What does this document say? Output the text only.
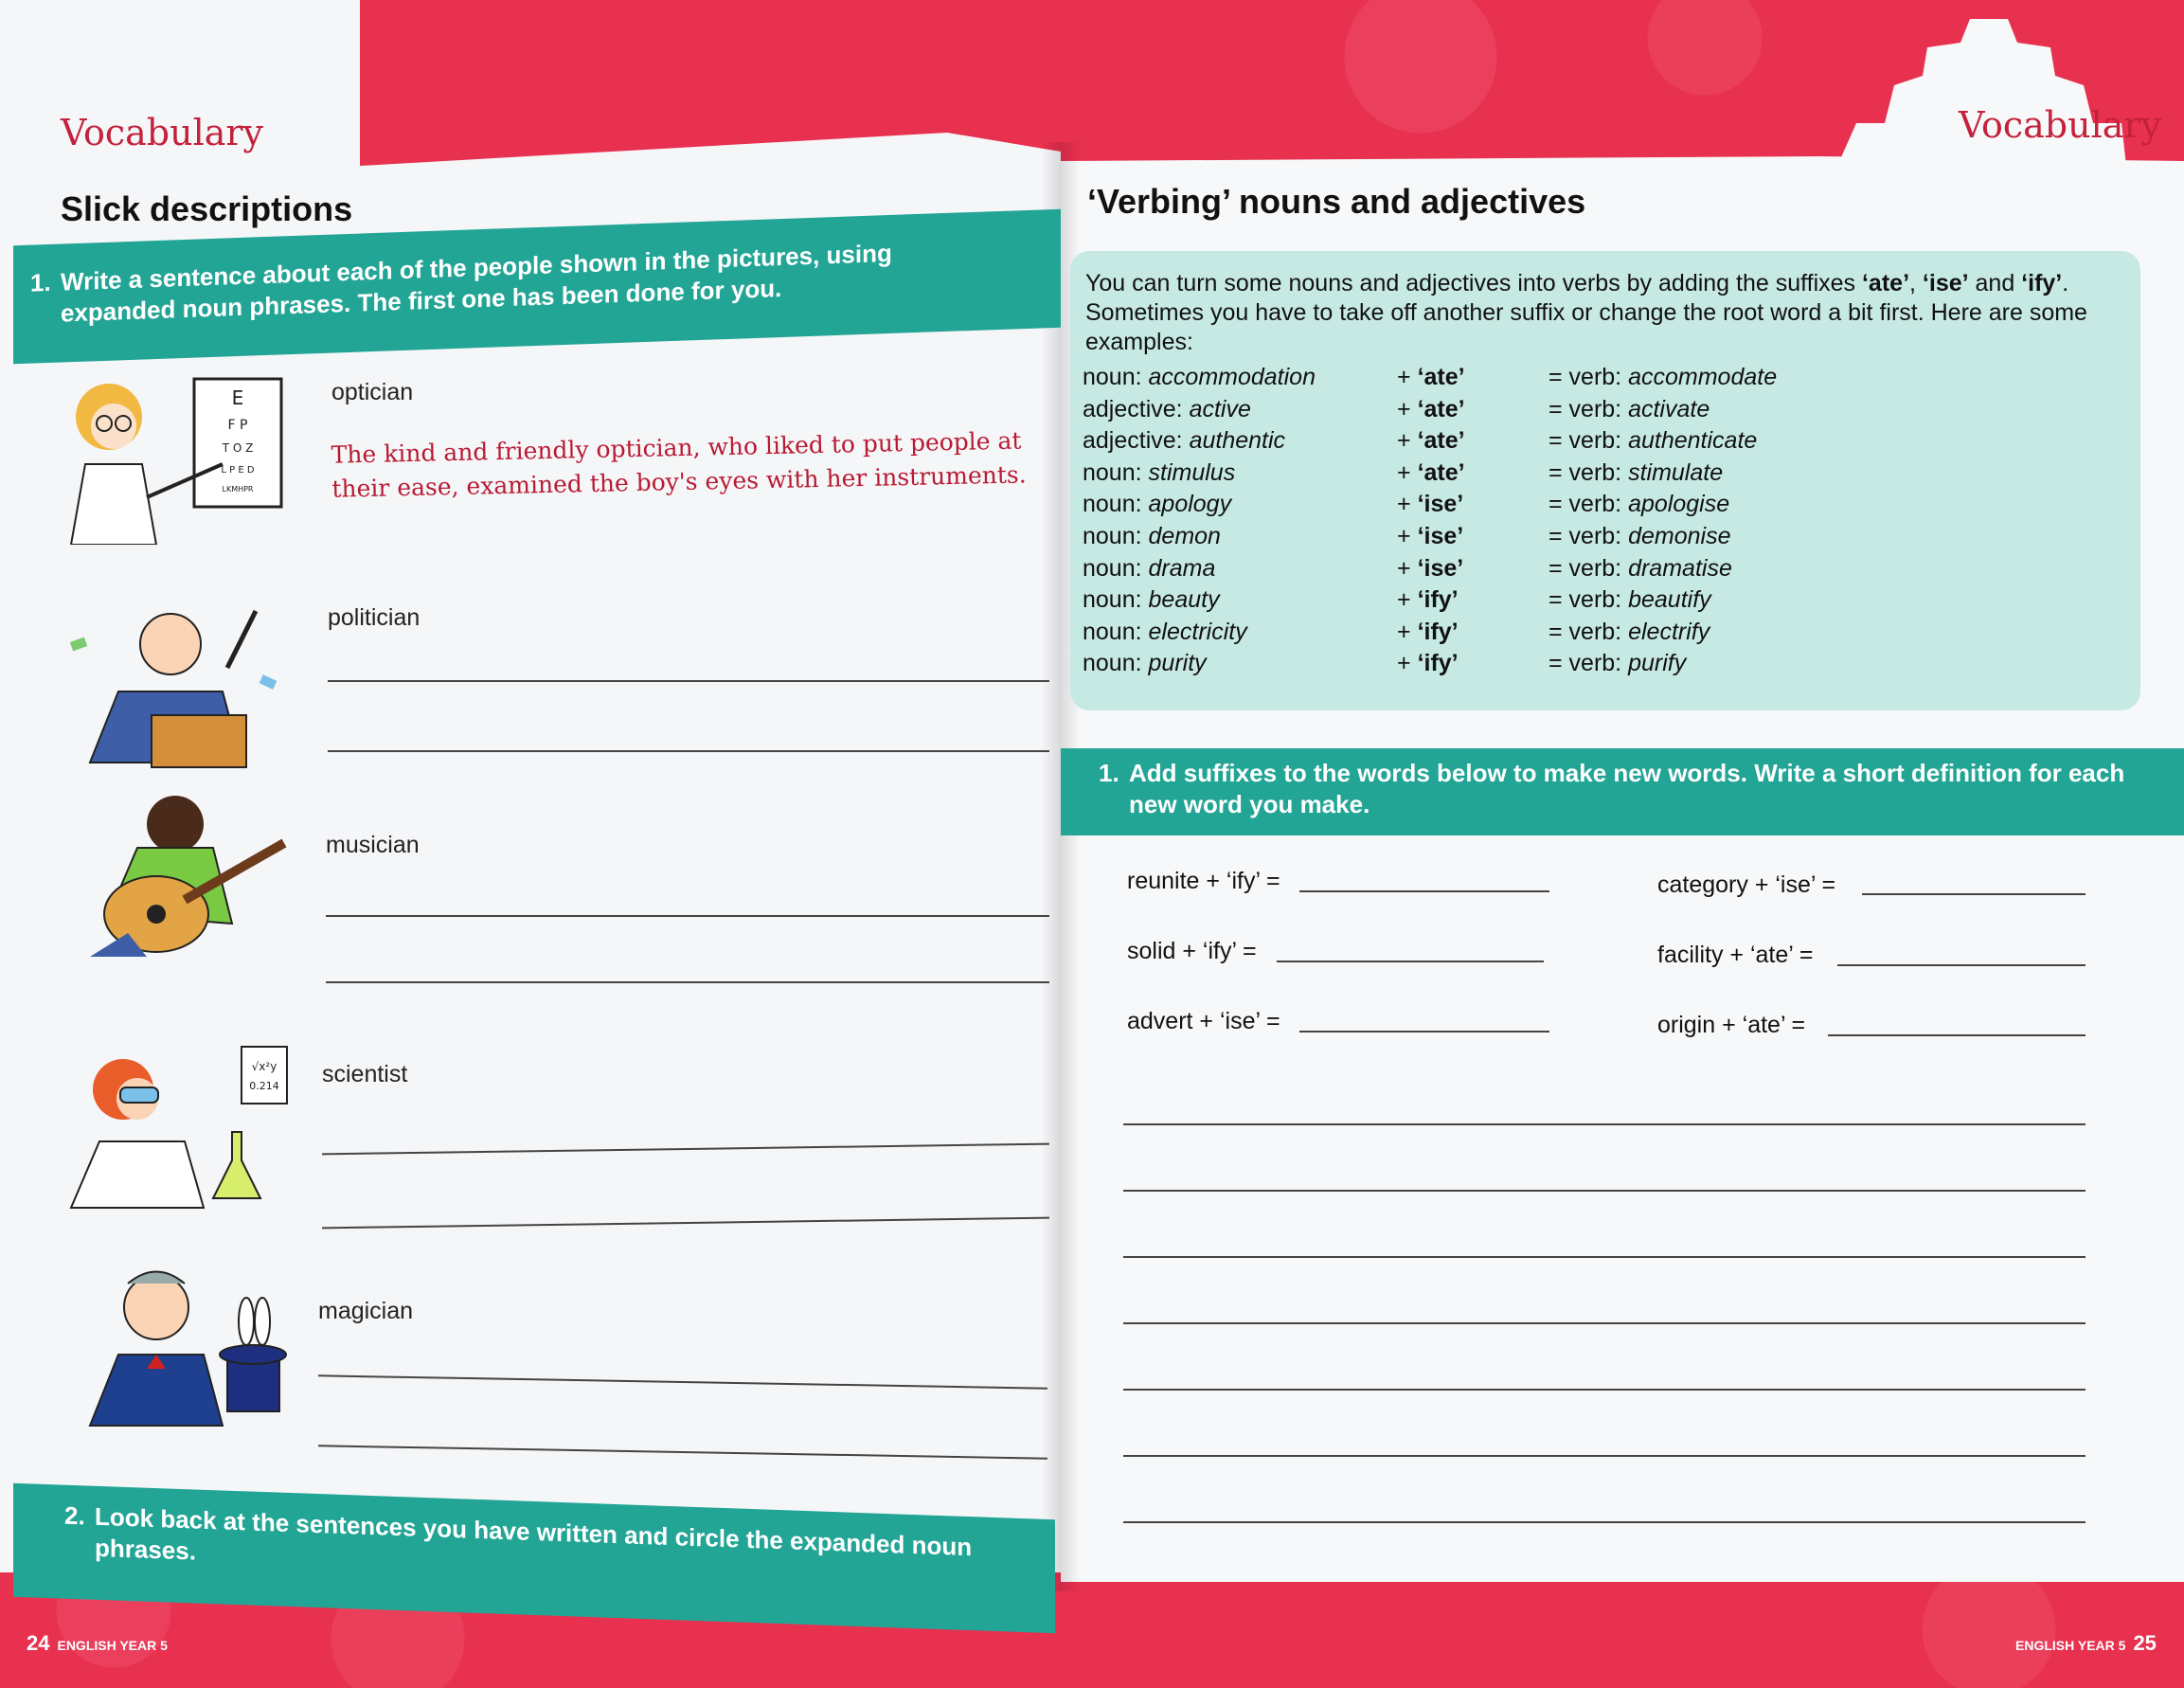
Vocabulary
Slick descriptions
1. Write a sentence about each of the people shown in the pictures, using expanded noun phrases. The first one has been done for you.
E
F P
T O Z
L P E D
LKMHPR
optician
The kind and friendly optician, who liked to put people at their ease, examined the boy's eyes with her instruments.
politician
musician
√x²y
0.214 scientist
magician
2. Look back at the sentences you have written and circle the expanded noun phrases.
24 ENGLISH YEAR 5
Vocabulary
‘Verbing’ nouns and adjectives
You can turn some nouns and adjectives into verbs by adding the suffixes ‘ate’, ‘ise’ and ‘ify’. Sometimes you have to take off another suffix or change the root word a bit first. Here are some examples:
noun: accommodation	+ ‘ate’	= verb: accommodate
adjective: active	+ ‘ate’	= verb: activate
adjective: authentic	+ ‘ate’	= verb: authenticate
noun: stimulus	+ ‘ate’	= verb: stimulate
noun: apology	+ ‘ise’	= verb: apologise
noun: demon	+ ‘ise’	= verb: demonise
noun: drama	+ ‘ise’	= verb: dramatise
noun: beauty	+ ‘ify’	= verb: beautify
noun: electricity	+ ‘ify’	= verb: electrify
noun: purity	+ ‘ify’	= verb: purify
1. Add suffixes to the words below to make new words. Write a short definition for each new word you make.
reunite + ‘ify’ =	category + ‘ise’ =
solid + ‘ify’ =	facility + ‘ate’ =
advert + ‘ise’ =	origin + ‘ate’ =
ENGLISH YEAR 5 25
